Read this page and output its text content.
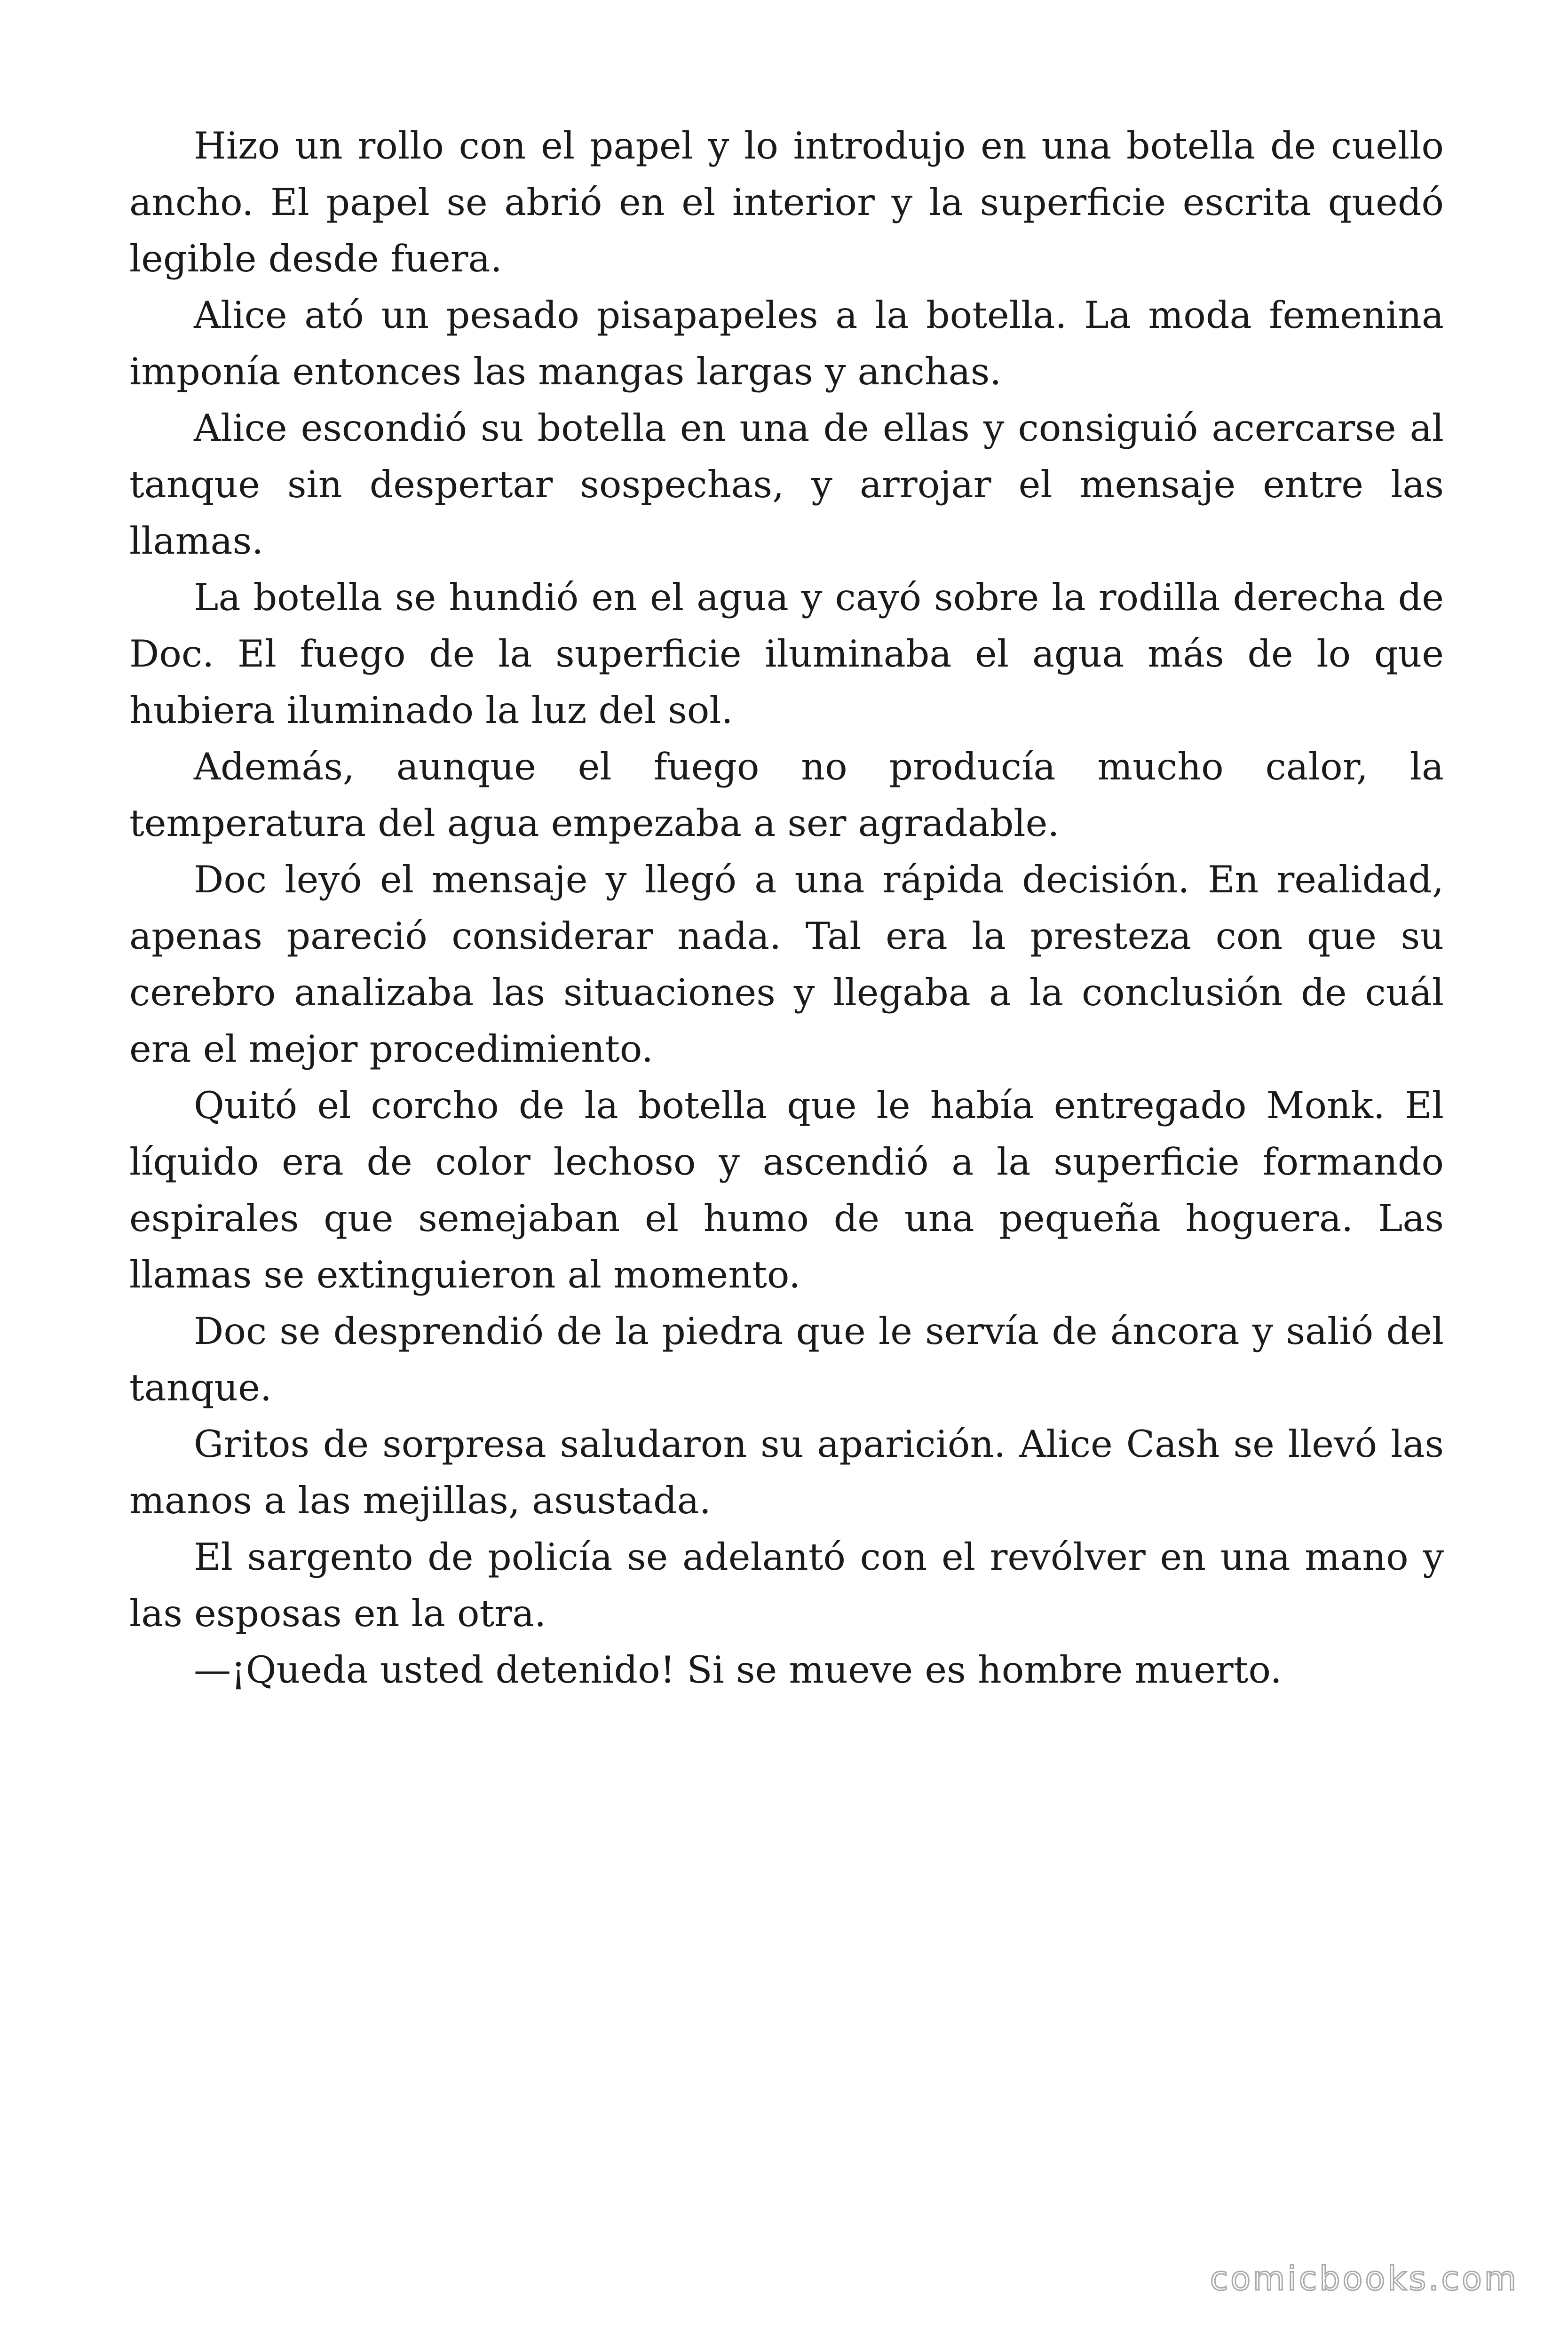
Hizo un rollo con el papel y lo introdujo en una botella de cuello ancho. El papel se abrió en el interior y la superficie escrita quedó legible desde fuera.

Alice ató un pesado pisapapeles a la botella. La moda femenina imponía entonces las mangas largas y anchas.

Alice escondió su botella en una de ellas y consiguió acercarse al tanque sin despertar sospechas, y arrojar el mensaje entre las llamas.

La botella se hundió en el agua y cayó sobre la rodilla derecha de Doc. El fuego de la superficie iluminaba el agua más de lo que hubiera iluminado la luz del sol.

Además, aunque el fuego no producía mucho calor, la temperatura del agua empezaba a ser agradable.

Doc leyó el mensaje y llegó a una rápida decisión. En realidad, apenas pareció considerar nada. Tal era la presteza con que su cerebro analizaba las situaciones y llegaba a la conclusión de cuál era el mejor procedimiento.

Quitó el corcho de la botella que le había entregado Monk. El líquido era de color lechoso y ascendió a la superficie formando espirales que semejaban el humo de una pequeña hoguera. Las llamas se extinguieron al momento.

Doc se desprendió de la piedra que le servía de áncora y salió del tanque.

Gritos de sorpresa saludaron su aparición. Alice Cash se llevó las manos a las mejillas, asustada.

El sargento de policía se adelantó con el revólver en una mano y las esposas en la otra.

—¡Queda usted detenido! Si se mueve es hombre muerto.

comicbooks.com
